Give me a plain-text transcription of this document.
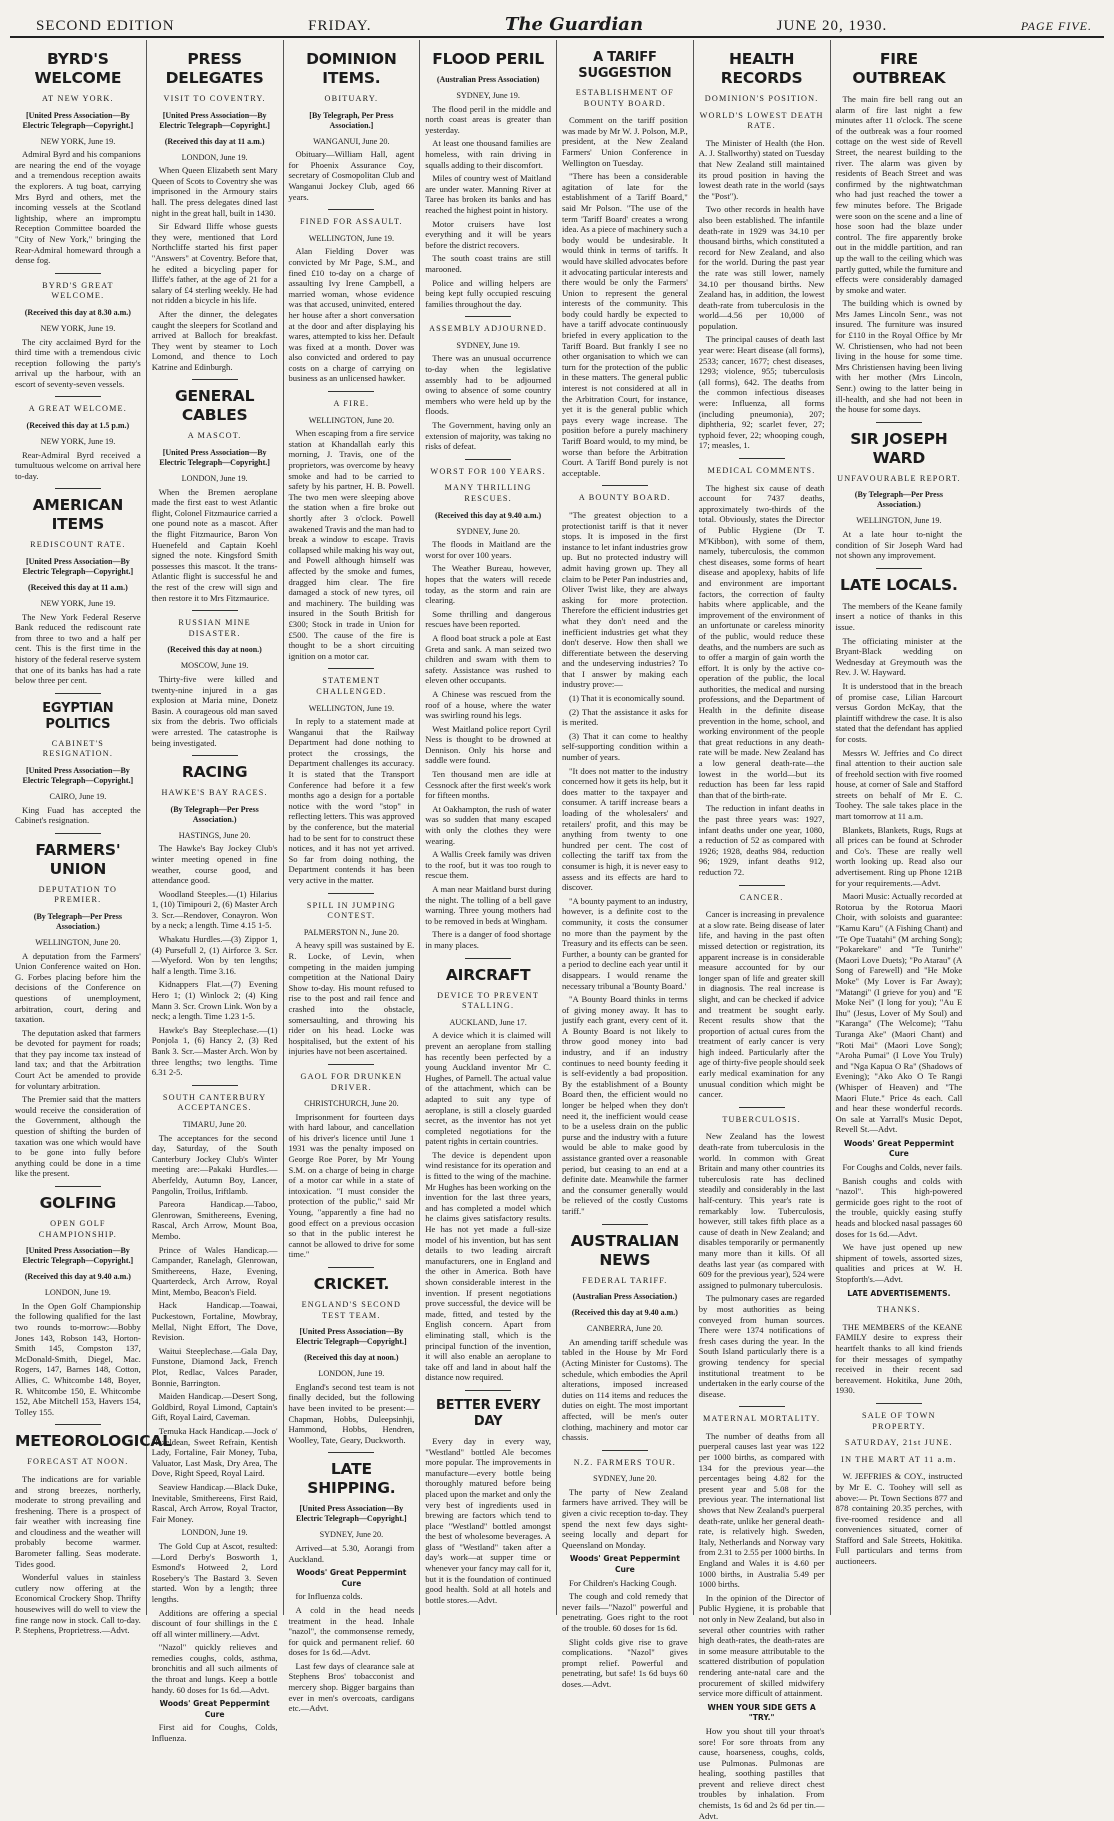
SECOND EDITION	FRIDAY.	The Guardian	JUNE 20, 1930.	PAGE FIVE.
BYRD'S WELCOME
AT NEW YORK.
[United Press Association—By Electric Telegraph—Copyright.]
NEW YORK, June 19.

Admiral Byrd and his companions are nearing the end of the voyage and a tremendous reception awaits the explorers. A tug boat, carrying Mrs Byrd and others, met the incoming vessels at the Scotland lightship, where an impromptu Reception Committee boarded the "City of New York," bringing the Rear-Admiral homeward through a dense fog.

BYRD'S GREAT WELCOME.
(Received this day at 8.30 a.m.)
NEW YORK, June 19.

The city acclaimed Byrd for the third time with a tremendous civic reception following the party's arrival up the harbour, with an escort of seventy-seven vessels.

A GREAT WELCOME.
(Received this day at 1.5 p.m.)
NEW YORK, June 19.

Rear-Admiral Byrd received a tumultuous welcome on arrival here to-day.

AMERICAN ITEMS
REDISCOUNT RATE.
[United Press Association—By Electric Telegraph—Copyright.]
(Received this day at 11 a.m.)
NEW YORK, June 19.

The New York Federal Reserve Bank reduced the rediscount rate from three to two and a half per cent. This is the first time in the history of the federal reserve system that one of its banks has had a rate below three per cent.

EGYPTIAN POLITICS
CABINET'S RESIGNATION.
[United Press Association—By Electric Telegraph—Copyright.]
CAIRO, June 19.

King Fuad has accepted the Cabinet's resignation.

FARMERS' UNION
DEPUTATION TO PREMIER.
(By Telegraph—Per Press Association.)
WELLINGTON, June 20.

A deputation from the Farmers' Union Conference waited on Hon. G. Forbes placing before him the decisions of the Conference on questions of unemployment, arbitration, court, dering and taxation.

The deputation asked that farmers be devoted for payment for roads; that they pay income tax instead of land tax; and that the Arbitration Court Act be amended to provide for voluntary arbitration.

The Premier said that the matters would receive the consideration of the Government, although the question of shifting the burden of taxation was one which would have to be gone into fully before anything could be done in a time like the present.

GOLFING
OPEN GOLF CHAMPIONSHIP.
[United Press Association—By Electric Telegraph—Copyright.]
(Received this day at 9.40 a.m.)
LONDON, June 19.

In the Open Golf Championship the following qualified for the last two rounds to-morrow:—Bobby Jones 143, Robson 143, Horton-Smith 145, Compston 137, McDonald-Smith, Diegel, Mac. Rogers, 147, Barnes 148, Cotton, Allies, C. Whitcombe 148, Boyer, R. Whitcombe 150, E. Whitcombe 152, Abe Mitchell 153, Havers 154, Tolley 155.

METEOROLOGICAL
FORECAST AT NOON.

The indications are for variable and strong breezes, northerly, moderate to strong prevailing and freshening. There is a prospect of fair weather with increasing fine and cloudiness and the weather will probably become warmer. Barometer falling. Seas moderate. Tides good.

Wonderful values in stainless cutlery now offering at the Economical Crockery Shop. Thrifty housewives will do well to view the fine range now in stock. Call to-day. P. Stephens, Proprietress.—Advt.

PRESS DELEGATES
VISIT TO COVENTRY.
[United Press Association—By Electric Telegraph—Copyright.]
(Received this day at 11 a.m.)
LONDON, June 19.

When Queen Elizabeth sent Mary Queen of Scots to Coventry she was imprisoned in the Armoury stairs hall. The press delegates dined last night in the great hall, built in 1430.

Sir Edward Iliffe whose guests they were, mentioned that Lord Northcliffe started his first paper "Answers" at Coventry. Before that, he edited a bicycling paper for Iliffe's father, at the age of 21 for a salary of £4 sterling weekly. He had not ridden a bicycle in his life.

After the dinner, the delegates caught the sleepers for Scotland and arrived at Balloch for breakfast. They went by steamer to Loch Lomond, and thence to Loch Katrine and Edinburgh.

GENERAL CABLES
A MASCOT.
[United Press Association—By Electric Telegraph—Copyright.]
LONDON, June 19.

When the Bremen aeroplane made the first east to west Atlantic flight, Colonel Fitzmaurice carried a one pound note as a mascot. After the flight Fitzmaurice, Baron Von Huenefeld and Captain Koehl signed the note. Kingsford Smith possesses this mascot. It the trans-Atlantic flight is successful he and the rest of the crew will sign and then restore it to Mrs Fitzmaurice.

RUSSIAN MINE DISASTER.
(Received this day at noon.)
MOSCOW, June 19.

Thirty-five were killed and twenty-nine injured in a gas explosion at Maria mine, Donetz Basin. A courageous old man saved six from the debris. Two officials were arrested. The catastrophe is being investigated.

RACING
HAWKE'S BAY RACES.
(By Telegraph—Per Press Association.)
HASTINGS, June 20.

The Hawke's Bay Jockey Club's winter meeting opened in fine weather, course good, and attendance good.

Woodland Steeples.—(1) Hilarius 1, (10) Timipouri 2, (6) Master Arch 3. Scr.—Rendover, Conayron. Won by a neck; a length. Time 4.15 1-5.

Whakatu Hurdles.—(3) Zippor 1, (4) Pursefull 2, (1) Airforce 3. Scr.—Wyeford. Won by ten lengths; half a length. Time 3.16.

Kidnappers Flat.—(7) Evening Hero 1; (1) Winlock 2; (4) King Mann 3. Scr. Crown Link. Won by a neck; a length. Time 1.23 1-5.

Hawke's Bay Steeplechase.—(1) Ponjola 1, (6) Hancy 2, (3) Red Bank 3. Scr.—Master Arch. Won by three lengths; two lengths. Time 6.31 2-5.

SOUTH CANTERBURY ACCEPTANCES.
TIMARU, June 20.

The acceptances for the second day, Saturday, of the South Canterbury Jockey Club's Winter meeting are:—Pakaki Hurdles.—Aberfeldy, Autumn Boy, Lancer, Pangolin, Troilus, Iriftlamb.

Pareora Handicap.—Taboo, Glenrowan, Smithereens, Evening, Rascal, Arch Arrow, Mount Boa, Membo.

Prince of Wales Handicap.—Campander, Ranelagh, Glenrowan, Smithereens, Haze, Evening, Quarterdeck, Arch Arrow, Royal Mint, Membo, Beacon's Field.

Hack Handicap.—Toawai, Puckestown, Fortaline, Mowbray, Mellal, Night Effort, The Dove, Revision.

Waitui Steeplechase.—Gala Day, Funstone, Diamond Jack, French Plot, Redlac, Valces Parader, Bonnie, Barrington.

Maiden Handicap.—Desert Song, Goldbird, Royal Limond, Captain's Gift, Royal Laird, Caveman.

Temuka Hack Handicap.—Jock o' Hazeldean, Sweet Refrain, Kentish Lady, Fortaline, Fair Money, Tuba, Valuator, Last Mask, Dry Area, The Dove, Right Speed, Royal Laird.

Seaview Handicap.—Black Duke, Inevitable, Smithereens, First Raid, Rascal, Arch Arrow, Royal Tractor, Fair Money.

LONDON, June 19.

The Gold Cup at Ascot, resulted:—Lord Derby's Bosworth 1, Esmond's Hotweed 2, Lord Rosebery's The Bastard 3. Seven started. Won by a length; three lengths.

Additions are offering a special discount of four shillings in the £ off all winter millinery.—Advt.

"Nazol" quickly relieves and remedies coughs, colds, asthma, bronchitis and all such ailments of the throat and lungs. Keep a bottle handy. 60 doses for 1s 6d.—Advt.

Woods' Great Peppermint Cure

First aid for Coughs, Colds, Influenza.

DOMINION ITEMS.
OBITUARY.
[By Telegraph, Per Press Association.]
WANGANUI, June 20.

Obituary—William Hall, agent for Phoenix Assurance Coy, secretary of Cosmopolitan Club and Wanganui Jockey Club, aged 66 years.

FINED FOR ASSAULT.
WELLINGTON, June 19.

Alan Fielding Dover was convicted by Mr Page, S.M., and fined £10 to-day on a charge of assaulting Ivy Irene Campbell, a married woman, whose evidence was that accused, uninvited, entered her house after a short conversation at the door and after displaying his wares, attempted to kiss her. Default was fixed at a month. Dover was also convicted and ordered to pay costs on a charge of carrying on business as an unlicensed hawker.

A FIRE.
WELLINGTON, June 20.

When escaping from a fire service station at Khandallah early this morning, J. Travis, one of the proprietors, was overcome by heavy smoke and had to be carried to safety by his partner, H. B. Powell. The two men were sleeping above the station when a fire broke out shortly after 3 o'clock. Powell awakened Travis and the man had to break a window to escape. Travis collapsed while making his way out, and Powell although himself was affected by the smoke and fumes, dragged him clear. The fire damaged a stock of new tyres, oil and machinery. The building was insured in the South British for £300; Stock in trade in Union for £500. The cause of the fire is thought to be a short circuiting ignition on a motor car.

STATEMENT CHALLENGED.
WELLINGTON, June 19.

In reply to a statement made at Wanganui that the Railway Department had done nothing to protect the crossings, the Department challenges its accuracy. It is stated that the Transport Conference had before it a few months ago a design for a portable notice with the word "stop" in reflecting letters. This was approved by the conference, but the material had to be sent for to construct these notices, and it has not yet arrived. So far from doing nothing, the Department contends it has been very active in the matter.

SPILL IN JUMPING CONTEST.
PALMERSTON N., June 20.

A heavy spill was sustained by E. R. Locke, of Levin, when competing in the maiden jumping competition at the National Dairy Show to-day. His mount refused to rise to the post and rail fence and crashed into the obstacle, somersaulting, and throwing his rider on his head. Locke was hospitalised, but the extent of his injuries have not been ascertained.

GAOL FOR DRUNKEN DRIVER.
CHRISTCHURCH, June 20.

Imprisonment for fourteen days with hard labour, and cancellation of his driver's licence until June 1 1931 was the penalty imposed on George Roe Porer, by Mr Young S.M. on a charge of being in charge of a motor car while in a state of intoxication. "I must consider the protection of the public," said Mr Young, "apparently a fine had no good effect on a previous occasion so that in the public interest he cannot be allowed to drive for some time."

CRICKET.
ENGLAND'S SECOND TEST TEAM.
[United Press Association—By Electric Telegraph—Copyright.]
(Received this day at noon.)
LONDON, June 19.

England's second test team is not finally decided, but the following have been invited to be present:—Chapman, Hobbs, Duleepsinhji, Hammond, Hobbs, Hendren, Woolley, Tate, Geary, Duckworth.

LATE SHIPPING.
[United Press Association—By Electric Telegraph—Copyright.]
SYDNEY, June 20.

Arrived—at 5.30, Aorangi from Auckland.

Woods' Great Peppermint Cure

for Influenza colds.

A cold in the head needs treatment in the head. Inhale "nazol", the commonsense remedy, for quick and permanent relief. 60 doses for 1s 6d.—Advt.

Last few days of clearance sale at Stephens Bros' tobacconist and mercery shop. Bigger bargains than ever in men's overcoats, cardigans etc.—Advt.

FLOOD PERIL
(Australian Press Association)
SYDNEY, June 19.

The flood peril in the middle and north coast areas is greater than yesterday.

At least one thousand families are homeless, with rain driving in squalls adding to their discomfort.

Miles of country west of Maitland are under water. Manning River at Taree has broken its banks and has reached the highest point in history.

Motor cruisers have lost everything and it will be years before the district recovers.

The south coast trains are still marooned.

Police and willing helpers are being kept fully occupied rescuing families throughout the day.

ASSEMBLY ADJOURNED.
SYDNEY, June 19.

There was an unusual occurrence to-day when the legislative assembly had to be adjourned owing to absence of some country members who were held up by the floods.

The Government, having only an extension of majority, was taking no risks of defeat.

WORST FOR 100 YEARS.
MANY THRILLING RESCUES.
(Received this day at 9.40 a.m.)
SYDNEY, June 20.

The floods in Maitland are the worst for over 100 years.

The Weather Bureau, however, hopes that the waters will recede today, as the storm and rain are clearing.

Some thrilling and dangerous rescues have been reported.

A flood boat struck a pole at East Greta and sank. A man seized two children and swam with them to safety. Assistance was rushed to eleven other occupants.

A Chinese was rescued from the roof of a house, where the water was swirling round his legs.

West Maitland police report Cyril Ness is thought to be drowned at Dennison. Only his horse and saddle were found.

Ten thousand men are idle at Cessnock after the first week's work for fifteen months.

At Oakhampton, the rush of water was so sudden that many escaped with only the clothes they were wearing.

A Wallis Creek family was driven to the roof, but it was too rough to rescue them.

A man near Maitland burst during the night. The tolling of a bell gave warning. Three young mothers had to be removed in beds at Wingham.

There is a danger of food shortage in many places.

AIRCRAFT
DEVICE TO PREVENT STALLING.
AUCKLAND, June 17.

A device which it is claimed will prevent an aeroplane from stalling has recently been perfected by a young Auckland inventor Mr C. Hughes, of Parnell. The actual value of the attachment, which can be adapted to suit any type of aeroplane, is still a closely guarded secret, as the inventor has not yet completed negotiations for the patent rights in certain countries.

The device is dependent upon wind resistance for its operation and is fitted to the wing of the machine. Mr Hughes has been working on the invention for the last three years, and has completed a model which he claims gives satisfactory results. He has not yet made a full-size model of his invention, but has sent details to two leading aircraft manufacturers, one in England and the other in America. Both have shown considerable interest in the invention. If present negotiations prove successful, the device will be made, fitted, and tested by the English concern. Apart from eliminating stall, which is the principal function of the invention, it will also enable an aeroplane to take off and land in about half the distance now required.

BETTER EVERY DAY

Every day in every way, "Westland" bottled Ale becomes more popular. The improvements in manufacture—every bottle being thoroughly matured before being placed upon the market and only the very best of ingredients used in brewing are factors which tend to place "Westland" bottled amongst the best of wholesome beverages. A glass of "Westland" taken after a day's work—at supper time or whenever your fancy may call for it, but it is the foundation of continued good health. Sold at all hotels and bottle stores.—Advt.

A TARIFF SUGGESTION
ESTABLISHMENT OF BOUNTY BOARD.

Comment on the tariff position was made by Mr W. J. Polson, M.P., president, at the New Zealand Farmers' Union Conference in Wellington on Tuesday.

"There has been a considerable agitation of late for the establishment of a Tariff Board," said Mr Polson. "The use of the term 'Tariff Board' creates a wrong idea. As a piece of machinery such a body would be undesirable. It would think in terms of tariffs. It would have skilled advocates before it advocating particular interests and there would be only the Farmers' Union to represent the general interests of the community. This body could hardly be expected to have a tariff advocate continuously briefed in every application to the Tariff Board. But frankly I see no other organisation to which we can turn for the protection of the public in these matters. The general public interest is not considered at all in the Arbitration Court, for instance, yet it is the general public which pays every wage increase. The position before a purely machinery Tariff Board would, to my mind, be worse than before the Arbitration Court. A Tariff Bond purely is not acceptable.

A BOUNTY BOARD.

"The greatest objection to a protectionist tariff is that it never stops. It is imposed in the first instance to let infant industries grow up. But no protected industry will admit having grown up. They all claim to be Peter Pan industries and, Oliver Twist like, they are always asking for more protection. Therefore the efficient industries get what they don't need and the inefficient industries get what they don't deserve. How then shall we differentiate between the deserving and the undeserving industries? To that I answer by making each industry prove:—

(1) That it is economically sound.

(2) That the assistance it asks for is merited.

(3) That it can come to healthy self-supporting condition within a number of years.

"It does not matter to the industry concerned how it gets its help, but it does matter to the taxpayer and consumer. A tariff increase bears a loading of the wholesalers' and retailers' profit, and this may be anything from twenty to one hundred per cent. The cost of collecting the tariff tax from the consumer is high, it is never easy to assess and its effects are hard to discover.

"A bounty payment to an industry, however, is a definite cost to the community, it costs the consumer no more than the payment by the Treasury and its effects can be seen. Further, a bounty can be granted for a period to decline each year until it disappears. I would rename the necessary tribunal a 'Bounty Board.'

"A Bounty Board thinks in terms of giving money away. It has to justify each grant, every cent of it. A Bounty Board is not likely to throw good money into bad industry, and if an industry continues to need bounty feeding it is self-evidently a bad proposition. By the establishment of a Bounty Board then, the efficient would no longer be helped when they don't need it, the inefficient would cease to be a useless drain on the public purse and the industry with a future would be able to make good by assistance granted over a reasonable period, but ceasing to an end at a definite date. Meanwhile the farmer and the consumer generally would be relieved of the costly Customs tariff."

AUSTRALIAN NEWS
FEDERAL TARIFF.
(Australian Press Association.)
(Received this day at 9.40 a.m.)
CANBERRA, June 20.

An amending tariff schedule was tabled in the House by Mr Ford (Acting Minister for Customs). The schedule, which embodies the April alterations, imposed increased duties on 114 items and reduces the duties on eight. The most important affected, will be men's outer clothing, machinery and motor car chassis.

N.Z. FARMERS TOUR.
SYDNEY, June 20.

The party of New Zealand farmers have arrived. They will be given a civic reception to-day. They spend the next few days sight-seeing locally and depart for Queensland on Monday.

Woods' Great Peppermint Cure

For Children's Hacking Cough.

The cough and cold remedy that never fails—"Nazol" powerful and penetrating. Goes right to the root of the trouble. 60 doses for 1s 6d.

Slight colds give rise to grave complications. "Nazol" gives prompt relief. Powerful and penetrating, but safe! 1s 6d buys 60 doses.—Advt.

HEALTH RECORDS
DOMINION'S POSITION.
WORLD'S LOWEST DEATH RATE.

The Minister of Health (the Hon. A. J. Stallworthy) stated on Tuesday that New Zealand still maintained its proud position in having the lowest death rate in the world (says the "Post").

Two other records in health have also been established. The infantile death-rate in 1929 was 34.10 per thousand births, which constituted a record for New Zealand, and also for the world. During the past year the rate was still lower, namely 34.10 per thousand births. New Zealand has, in addition, the lowest death-rate from tuberculosis in the world—4.56 per 10,000 of population.

The principal causes of death last year were: Heart disease (all forms), 2533; cancer, 1677; chest diseases, 1293; violence, 955; tuberculosis (all forms), 642. The deaths from the common infectious diseases were: Influenza, all forms (including pneumonia), 207; diphtheria, 92; scarlet fever, 27; typhoid fever, 22; whooping cough, 17; measles, 1.

MEDICAL COMMENTS.

The highest six cause of death account for 7437 deaths, approximately two-thirds of the total. Obviously, states the Director of Public Hygiene (Dr T. M'Kibbon), with some of them, namely, tuberculosis, the common chest diseases, some forms of heart disease and apoplexy, habits of life and environment are important factors, the correction of faulty habits where applicable, and the improvement of the environment of an unfortunate or careless minority of the public, would reduce these deaths, and the numbers are such as to offer a margin of gain worth the effort. It is only by the active co-operation of the public, the local authorities, the medical and nursing professions, and the Department of Health in the definite disease prevention in the home, school, and working environment of the people that great reductions in any death-rate will be made. New Zealand has a low general death-rate—the lowest in the world—but its reduction has been far less rapid than that of the birth-rate.

The reduction in infant deaths in the past three years was: 1927, infant deaths under one year, 1080, a reduction of 52 as compared with 1926; 1928, deaths 984, reduction 96; 1929, infant deaths 912, reduction 72.

CANCER.

Cancer is increasing in prevalence at a slow rate. Being disease of later life, and having in the past often missed detection or registration, its apparent increase is in considerable measure accounted for by our longer span of life and greater skill in diagnosis. The real increase is slight, and can be checked if advice and treatment be sought early. Recent results show that the proportion of actual cures from the treatment of early cancer is very high indeed. Particularly after the age of thirty-five people should seek early medical examination for any unusual condition which might be cancer.

TUBERCULOSIS.

New Zealand has the lowest death-rate from tuberculosis in the world. In common with Great Britain and many other countries its tuberculosis rate has declined steadily and considerably in the last half-century. This year's rate is remarkably low. Tuberculosis, however, still takes fifth place as a cause of death in New Zealand; and disables temporarily or permanently many more than it kills. Of all deaths last year (as compared with 609 for the previous year), 524 were assigned to pulmonary tuberculosis.

The pulmonary cases are regarded by most authorities as being conveyed from human sources. There were 1374 notifications of fresh cases during the year. In the South Island particularly there is a growing tendency for special institutional treatment to be undertaken in the early course of the disease.

MATERNAL MORTALITY.

The number of deaths from all puerperal causes last year was 122 per 1000 births, as compared with 134 for the previous year—the percentages being 4.82 for the present year and 5.08 for the previous year. The international list shows that New Zealand's puerperal death-rate, unlike her general death-rate, is relatively high. Sweden, Italy, Netherlands and Norway vary from 2.31 to 2.55 per 1000 births. In England and Wales it is 4.60 per 1000 births, in Australia 5.49 per 1000 births.

In the opinion of the Director of Public Hygiene, it is probable that not only in New Zealand, but also in several other countries with rather high death-rates, the death-rates are in some measure attributable to the scattered distribution of population rendering ante-natal care and the procurement of skilled midwifery service more difficult of attainment.

WHEN YOUR SIDE GETS A "TRY."

How you shout till your throat's sore! For sore throats from any cause, hoarseness, coughs, colds, use Pulmonas. Pulmonas are healing, soothing pastilles that prevent and relieve direct chest troubles by inhalation. From chemists, 1s 6d and 2s 6d per tin.—Advt.

FIRE OUTBREAK

The main fire bell rang out an alarm of fire last night a few minutes after 11 o'clock. The scene of the outbreak was a four roomed cottage on the west side of Revell Street, the nearest building to the river. The alarm was given by residents of Beach Street and was confirmed by the nightwatchman who had just reached the tower a few minutes before. The Brigade were soon on the scene and a line of hose soon had the blaze under control. The fire apparently broke out in the middle partition, and ran up the wall to the ceiling which was partly gutted, while the furniture and effects were considerably damaged by smoke and water.

The building which is owned by Mrs James Lincoln Senr., was not insured. The furniture was insured for £110 in the Royal Office by Mr W. Christiensen, who had not been living in the house for some time. Mrs Christiensen having been living with her mother (Mrs Lincoln, Senr.) owing to the latter being in ill-health, and she had not been in the house for some days.

SIR JOSEPH WARD
UNFAVOURABLE REPORT.
(By Telegraph—Per Press Association.)
WELLINGTON, June 19.

At a late hour to-night the condition of Sir Joseph Ward had not shown any improvement.

LATE LOCALS.

The members of the Keane family insert a notice of thanks in this issue.

The officiating minister at the Bryant-Black wedding on Wednesday at Greymouth was the Rev. J. W. Hayward.

It is understood that in the breach of promise case, Lilian Harcourt versus Gordon McKay, that the plaintiff withdrew the case. It is also stated that the defendant has applied for costs.

Messrs W. Jeffries and Co direct final attention to their auction sale of freehold section with five roomed house, at corner of Sale and Stafford streets on behalf of Mr E. C. Toohey. The sale takes place in the mart tomorrow at 11 a.m.

Blankets, Blankets, Rugs, Rugs at all prices can be found at Schroder and Co's. These are really well worth looking up. Read also our advertisement. Ring up Phone 121B for your requirements.—Advt.

Maori Music: Actually recorded at Rotorua by the Rotorua Maori Choir, with soloists and guarantee: "Kamu Karu" (A Fishing Chant) and "Te Ope Tuatahi" (M arching Song); "Pokarekare" and "Te Tunirhe" (Maori Love Duets); "Po Atarau" (A Song of Farewell) and "He Moke Moke" (My Lover is Far Away); "Matangi" (I grieve for you) and "E Moke Nei" (I long for you); "Au E Ihu" (Jesus, Lover of My Soul) and "Karanga" (The Welcome); "Tahu Turanga Ake" (Maori Chant) and "Roti Mai" (Maori Love Song); "Aroha Pumai" (I Love You Truly) and "Nga Kapua O Ra" (Shadows of Evening); "Ako Ako O Te Rangi (Whisper of Heaven) and "The Maori Flute." Price 4s each. Call and hear these wonderful records. On sale at Yarrall's Music Depot, Revell St.—Advt.

Woods' Great Peppermint Cure

For Coughs and Colds, never fails.

Banish coughs and colds with "nazol". This high-powered germicide goes right to the root of the trouble, quickly easing stuffy heads and blocked nasal passages 60 doses for 1s 6d.—Advt.

We have just opened up new shipment of towels, assorted sizes, qualities and prices at W. H. Stopforth's.—Advt.

LATE ADVERTISEMENTS.
THANKS.

THE MEMBERS of the KEANE FAMILY desire to express their heartfelt thanks to all kind friends for their messages of sympathy received in their recent sad bereavement. Hokitika, June 20th, 1930.

SALE OF TOWN PROPERTY.
SATURDAY, 21st JUNE.
IN THE MART AT 11 a.m.

W. JEFFRIES & COY., instructed by Mr E. C. Toohey will sell as above:— Pt. Town Sections 877 and 878 containing 20.35 perches, with five-roomed residence and all conveniences situated, corner of Stafford and Sale Streets, Hokitika. Full particulars and terms from auctioneers.
